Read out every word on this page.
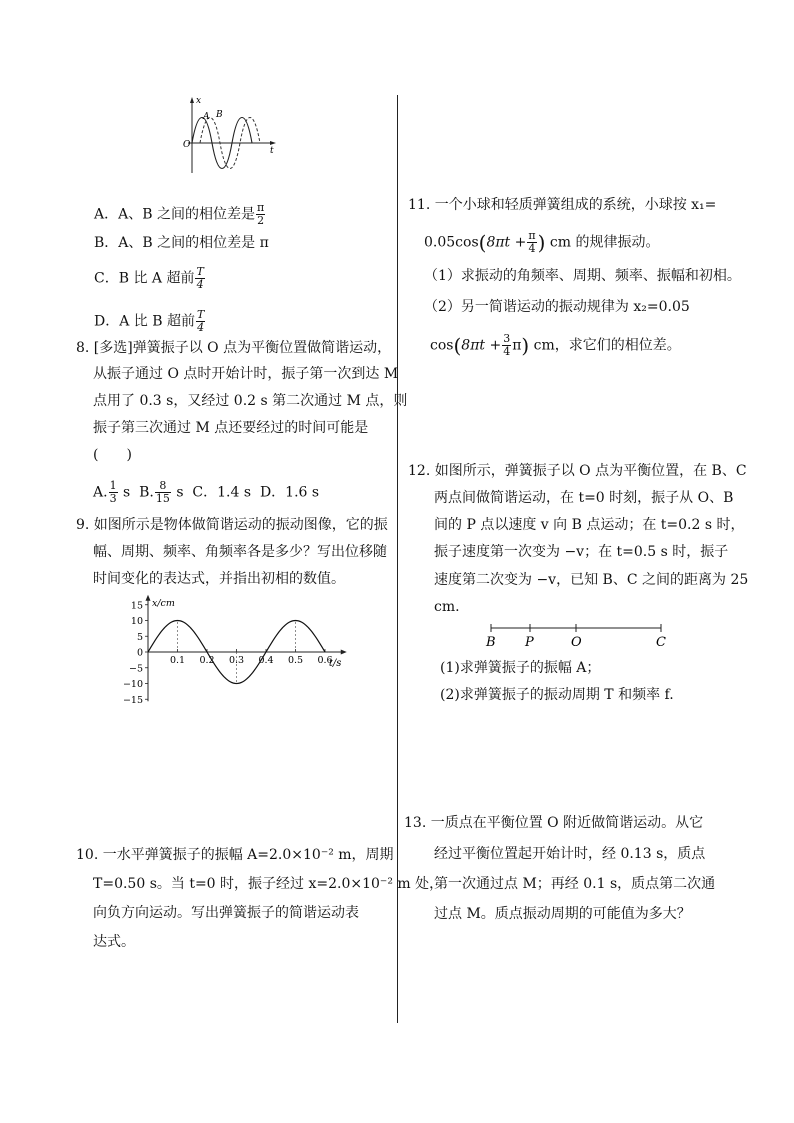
x
t
O
A B
A．A、B 之间的相位差是 $\frac{\pi}{2}$
B．A、B 之间的相位差是 π
C．B 比 A 超前 $\frac{T}{4}$
D．A 比 B 超前 $\frac{T}{4}$
8. [多选]弹簧振子以 O 点为平衡位置做简谐运动，
从振子通过 O 点时开始计时，振子第一次到达 M
点用了 0.3 s，又经过 0.2 s 第二次通过 M 点，则
振子第三次通过 M 点还要经过的时间可能是
(　　)
A. $\frac{1}{3}$ s B. $\frac{8}{15}$ s C．1.4 s D．1.6 s
9. 如图所示是物体做简谐运动的振动图像，它的振
幅、周期、频率、角频率各是多少？写出位移随
时间变化的表达式，并指出初相的数值。
15
10
5
0
−5
−10
−15
0.1 0.2 0.3 0.4 0.5 0.6
x/cm
t/s
10. 一水平弹簧振子的振幅 A=2.0×10⁻² m，周期
T=0.50 s。当 t=0 时，振子经过 x=2.0×10⁻² m 处，
向负方向运动。写出弹簧振子的简谐运动表
达式。
11. 一个小球和轻质弹簧组成的系统，小球按 x₁=
$0.05\cos(8\pi t + \frac{\pi}{4}$ ) cm 的规律振动。
（1）求振动的角频率、周期、频率、振幅和初相。
（2）另一简谐运动的振动规律为 x₂=0.05
$\cos(8\pi t + \frac{3}{4} \pi)$ cm，求它们的相位差。
12. 如图所示，弹簧振子以 O 点为平衡位置，在 B、C
两点间做简谐运动，在 t=0 时刻，振子从 O、B
间的 P 点以速度 v 向 B 点运动；在 t=0.2 s 时，
振子速度第一次变为 −v；在 t=0.5 s 时，振子
速度第二次变为 −v，已知 B、C 之间的距离为 25
cm.
B P	O	C
(1)求弹簧振子的振幅 A；
(2)求弹簧振子的振动周期 T 和频率 f.
13. 一质点在平衡位置 O 附近做简谐运动。从它
经过平衡位置起开始计时，经 0.13 s，质点
第一次通过点 M；再经 0.1 s，质点第二次通
过点 M。质点振动周期的可能值为多大？
